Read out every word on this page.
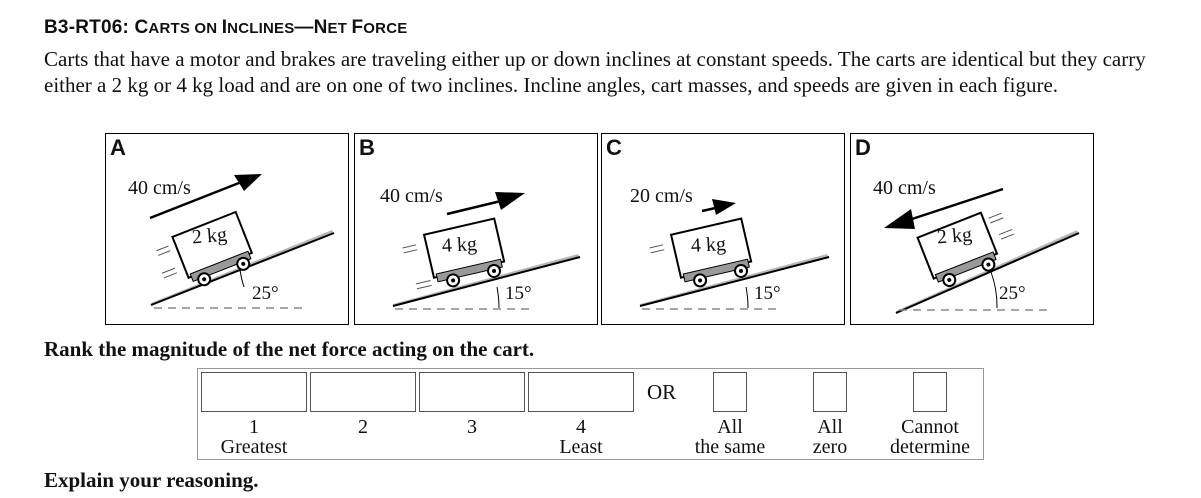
B3-RT06: CARTS ON INCLINES—NET FORCE
Carts that have a motor and brakes are traveling either up or down inclines at constant speeds. The carts are identical but they carry either a 2 kg or 4 kg load and are on one of two inclines. Incline angles, cart masses, and speeds are given in each figure.
A
40 cm/s
2 kg
25°
B
40 cm/s
4 kg
15°
C
20 cm/s
4 kg
15°
D
40 cm/s
2 kg
25°
Rank the magnitude of the net force acting on the cart.
1
Greatest
2	3	4
Least
OR
All
the same
All
zero
Cannot
determine
Explain your reasoning.
